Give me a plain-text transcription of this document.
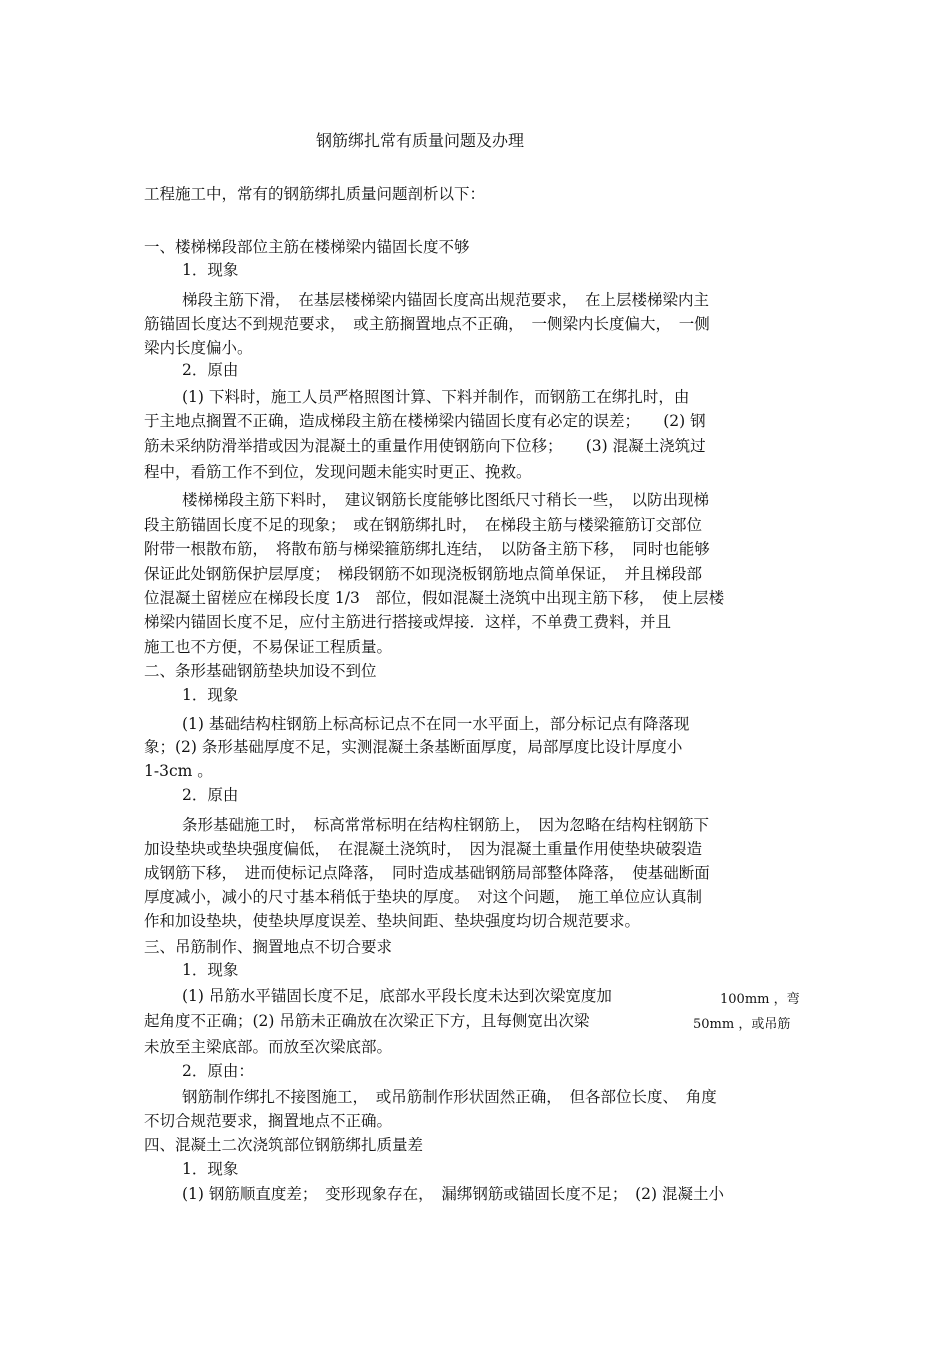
钢筋绑扎常有质量问题及办理

工程施工中，常有的钢筋绑扎质量问题剖析以下：

一、楼梯梯段部位主筋在楼梯梁内锚固长度不够

1．现象

梯段主筋下滑，　在基层楼梯梁内锚固长度高出规范要求，　在上层楼梯梁内主

筋锚固长度达不到规范要求，　或主筋搁置地点不正确，　一侧梁内长度偏大，　一侧

梁内长度偏小。

2．原由

(1) 下料时，施工人员严格照图计算、下料并制作，而钢筋工在绑扎时，由

于主地点搁置不正确，造成梯段主筋在楼梯梁内锚固长度有必定的误差；　　(2) 钢

筋未采纳防滑举措或因为混凝土的重量作用使钢筋向下位移；　　(3) 混凝土浇筑过

程中，看筋工作不到位，发现问题未能实时更正、挽救。

楼梯梯段主筋下料时，　建议钢筋长度能够比图纸尺寸稍长一些，　以防出现梯

段主筋锚固长度不足的现象；　或在钢筋绑扎时，　在梯段主筋与楼梁箍筋订交部位

附带一根散布筋，　将散布筋与梯梁箍筋绑扎连结，　以防备主筋下移，　同时也能够

保证此处钢筋保护层厚度；　梯段钢筋不如现浇板钢筋地点简单保证，　并且梯段部

位混凝土留槎应在梯段长度 1/3　部位，假如混凝土浇筑中出现主筋下移，　使上层楼

梯梁内锚固长度不足，应付主筋进行搭接或焊接．这样，不单费工费料，并且

施工也不方便，不易保证工程质量。

二、条形基础钢筋垫块加设不到位

1．现象

(1) 基础结构柱钢筋上标高标记点不在同一水平面上，部分标记点有降落现

象；(2) 条形基础厚度不足，实测混凝土条基断面厚度，局部厚度比设计厚度小

1-3cm 。

2．原由

条形基础施工时，　标高常常标明在结构柱钢筋上，　因为忽略在结构柱钢筋下

加设垫块或垫块强度偏低，　在混凝土浇筑时，　因为混凝土重量作用使垫块破裂造

成钢筋下移，　进而使标记点降落，　同时造成基础钢筋局部整体降落，　使基础断面

厚度减小，减小的尺寸基本稍低于垫块的厚度。　对这个问题，　施工单位应认真制

作和加设垫块，使垫块厚度误差、垫块间距、垫块强度均切合规范要求。

三、吊筋制作、搁置地点不切合要求

1．现象

(1) 吊筋水平锚固长度不足，底部水平段长度未达到次梁宽度加	100mm ，弯

起角度不正确；(2) 吊筋未正确放在次梁正下方，且每侧宽出次梁	50mm ，或吊筋

未放至主梁底部。而放至次梁底部。

2．原由：

钢筋制作绑扎不接图施工，　或吊筋制作形状固然正确，　但各部位长度、　角度

不切合规范要求，搁置地点不正确。

四、混凝土二次浇筑部位钢筋绑扎质量差

1．现象

(1) 钢筋顺直度差；　变形现象存在，　漏绑钢筋或锚固长度不足；　(2) 混凝土小
